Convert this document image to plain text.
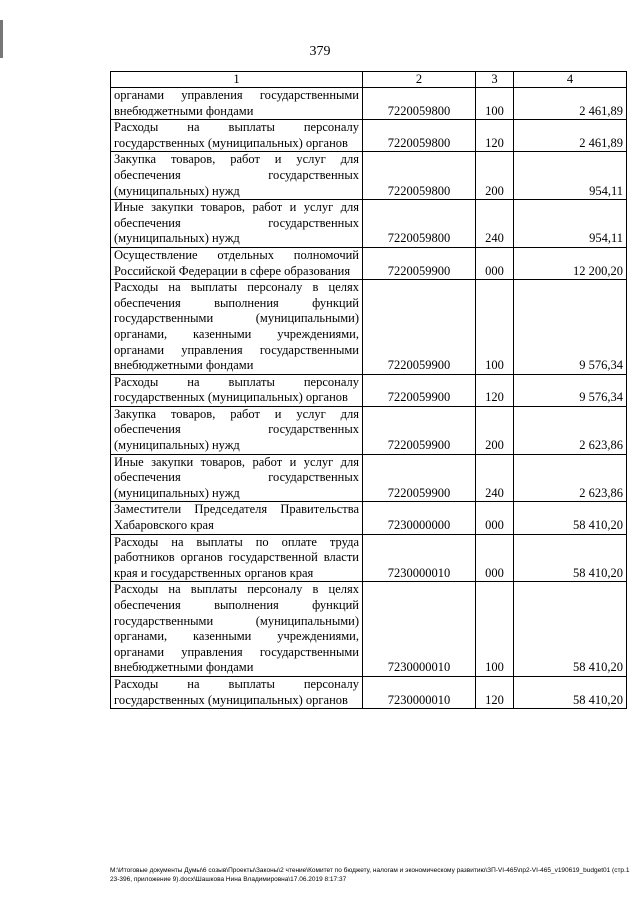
379
1	2	3	4
органами управления государственными внебюджетными фондами	7220059800	100	2 461,89
Расходы на выплаты персоналу государственных (муниципальных) органов	7220059800	120	2 461,89
Закупка товаров, работ и услуг для обеспечения государственных (муниципальных) нужд	7220059800	200	954,11
Иные закупки товаров, работ и услуг для обеспечения государственных (муниципальных) нужд	7220059800	240	954,11
Осуществление отдельных полномочий Российской Федерации в сфере образования	7220059900	000	12 200,20
Расходы на выплаты персоналу в целях обеспечения выполнения функций государственными (муниципальными) органами, казенными учреждениями, органами управления государственными внебюджетными фондами	7220059900	100	9 576,34
Расходы на выплаты персоналу государственных (муниципальных) органов	7220059900	120	9 576,34
Закупка товаров, работ и услуг для обеспечения государственных (муниципальных) нужд	7220059900	200	2 623,86
Иные закупки товаров, работ и услуг для обеспечения государственных (муниципальных) нужд	7220059900	240	2 623,86
Заместители Председателя Правительства Хабаровского края	7230000000	000	58 410,20
Расходы на выплаты по оплате труда работников органов государственной власти края и государственных органов края	7230000010	000	58 410,20
Расходы на выплаты персоналу в целях обеспечения выполнения функций государственными (муниципальными) органами, казенными учреждениями, органами управления государственными внебюджетными фондами	7230000010	100	58 410,20
Расходы на выплаты персоналу государственных (муниципальных) органов	7230000010	120	58 410,20
М:\Итоговые документы Думы\6 созыв\Проекты\Законы\2 чтение\Комитет по бюджету, налогам и экономическому развитию\ЗП-VI-465\пр2-VI-465_v190619_budget01 (стр.123-396, приложение 9).docx\Шашкова Нина Владимировна\17.06.2019 8:17:37
